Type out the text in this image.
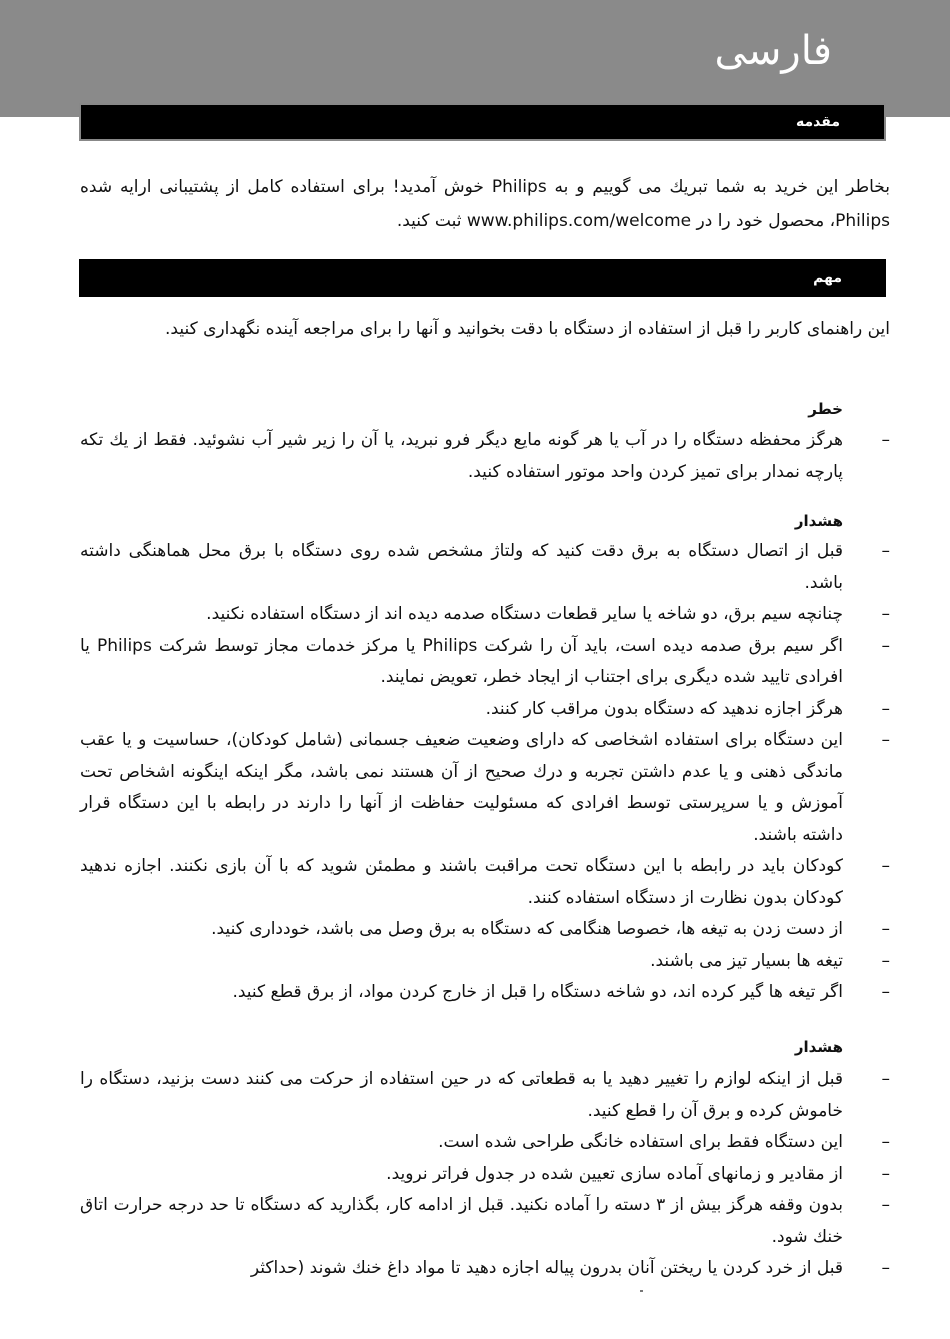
فارسی
مقدمه
بخاطر این خرید به شما تبریك می گوییم و به Philips خوش آمدید! برای استفاده كامل از پشتیبانی ارایه شده Philips، محصول خود را در www.philips.com/welcome ثبت كنید.
مهم
این راهنمای كاربر را قبل از استفاده از دستگاه با دقت بخوانید و آنها را برای مراجعه آینده نگهداری كنید.
خطر
–
هرگز محفظه دستگاه را در آب یا هر گونه مایع دیگر فرو نبرید، یا آن را زیر شیر آب نشوئید. فقط از یك تكه پارچه نمدار برای تمیز كردن واحد موتور استفاده كنید.
هشدار
–
قبل از اتصال دستگاه به برق دقت كنید كه ولتاژ مشخص شده روی دستگاه با برق محل هماهنگی داشته باشد.
–
چنانچه سیم برق، دو شاخه یا سایر قطعات دستگاه صدمه دیده اند از دستگاه استفاده نكنید.
–
اگر سیم برق صدمه دیده است، باید آن را شركت Philips یا مركز خدمات مجاز توسط شركت Philips یا افرادی تایید شده دیگری برای اجتناب از ایجاد خطر، تعویض نمایند.
–
هرگز اجازه ندهید كه دستگاه بدون مراقب كار كنند.
–
این دستگاه برای استفاده اشخاصی كه دارای وضعیت ضعیف جسمانی (شامل كودكان)، حساسیت و یا عقب ماندگی ذهنی و یا عدم داشتن تجربه و درك صحیح از آن هستند نمی باشد، مگر اینكه اینگونه اشخاص تحت آموزش و یا سرپرستی توسط افرادی كه مسئولیت حفاظت از آنها را دارند در رابطه با این دستگاه قرار داشته باشند.
–
كودكان باید در رابطه با این دستگاه تحت مراقبت باشند و مطمئن شوید كه با آن بازی نكنند. اجازه ندهید كودكان بدون نظارت از دستگاه استفاده كنند.
–
از دست زدن به تیغه ها، خصوصا هنگامی كه دستگاه به برق وصل می باشد، خودداری كنید.
–
تیغه ها بسیار تیز می باشند.
–
اگر تیغه ها گیر كرده اند، دو شاخه دستگاه را قبل از خارج كردن مواد، از برق قطع كنید.
هشدار
–
قبل از اینكه لوازم را تغییر دهید یا به قطعاتی كه در حین استفاده از حركت می كنند دست بزنید، دستگاه را خاموش كرده و برق آن را قطع كنید.
–
این دستگاه فقط برای استفاده خانگی طراحی شده است.
–
از مقادیر و زمانهای آماده سازی تعیین شده در جدول فراتر نروید.
–
بدون وقفه هرگز بیش از ۳ دسته را آماده نكنید. قبل از ادامه كار، بگذارید كه دستگاه تا حد درجه حرارت اتاق خنك شود.
–
قبل از خرد كردن یا ریختن آنان بدرون پیاله اجازه دهید تا مواد داغ خنك شوند (حداكثر
